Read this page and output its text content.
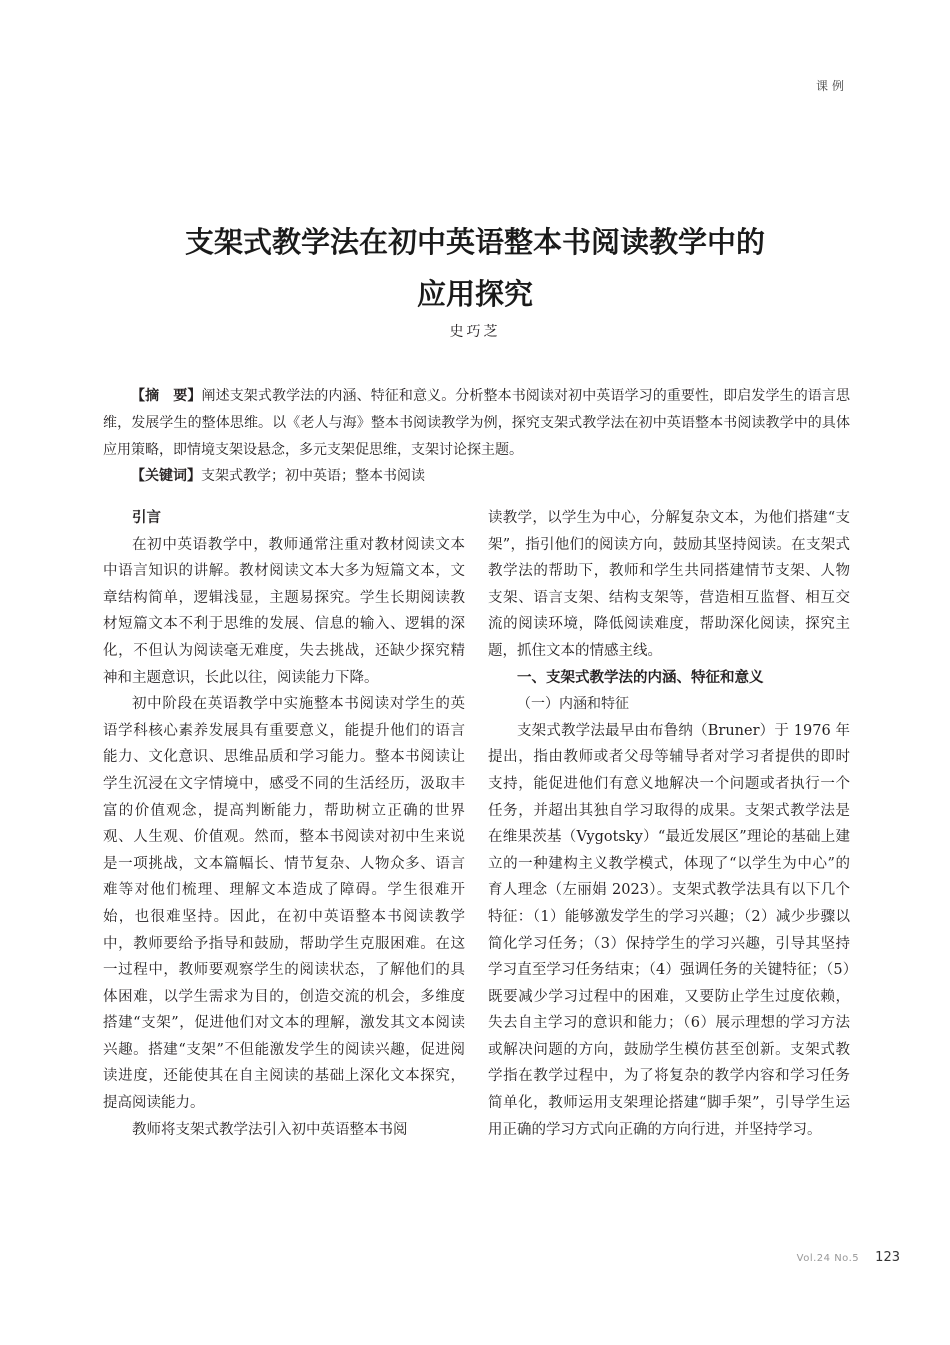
课例
支架式教学法在初中英语整本书阅读教学中的
应用探究
史巧芝

【摘　要】阐述支架式教学法的内涵、特征和意义。分析整本书阅读对初中英语学习的重要性，即启发学生的语言思维，发展学生的整体思维。以《老人与海》整本书阅读教学为例，探究支架式教学法在初中英语整本书阅读教学中的具体应用策略，即情境支架设悬念，多元支架促思维，支架讨论探主题。

【关键词】支架式教学；初中英语；整本书阅读
引言

在初中英语教学中，教师通常注重对教材阅读文本中语言知识的讲解。教材阅读文本大多为短篇文本，文章结构简单，逻辑浅显，主题易探究。学生长期阅读教材短篇文本不利于思维的发展、信息的输入、逻辑的深化，不但认为阅读毫无难度，失去挑战，还缺少探究精神和主题意识，长此以往，阅读能力下降。

初中阶段在英语教学中实施整本书阅读对学生的英语学科核心素养发展具有重要意义，能提升他们的语言能力、文化意识、思维品质和学习能力。整本书阅读让学生沉浸在文字情境中，感受不同的生活经历，汲取丰富的价值观念，提高判断能力，帮助树立正确的世界观、人生观、价值观。然而，整本书阅读对初中生来说是一项挑战，文本篇幅长、情节复杂、人物众多、语言难等对他们梳理、理解文本造成了障碍。学生很难开始，也很难坚持。因此，在初中英语整本书阅读教学中，教师要给予指导和鼓励，帮助学生克服困难。在这一过程中，教师要观察学生的阅读状态，了解他们的具体困难，以学生需求为目的，创造交流的机会，多维度搭建“支架”，促进他们对文本的理解，激发其文本阅读兴趣。搭建“支架”不但能激发学生的阅读兴趣，促进阅读进度，还能使其在自主阅读的基础上深化文本探究，提高阅读能力。

教师将支架式教学法引入初中英语整本书阅

读教学，以学生为中心，分解复杂文本，为他们搭建“支架”，指引他们的阅读方向，鼓励其坚持阅读。在支架式教学法的帮助下，教师和学生共同搭建情节支架、人物支架、语言支架、结构支架等，营造相互监督、相互交流的阅读环境，降低阅读难度，帮助深化阅读，探究主题，抓住文本的情感主线。

一、支架式教学法的内涵、特征和意义
（一）内涵和特征

支架式教学法最早由布鲁纳（Bruner）于 1976 年提出，指由教师或者父母等辅导者对学习者提供的即时支持，能促进他们有意义地解决一个问题或者执行一个任务，并超出其独自学习取得的成果。支架式教学法是在维果茨基（Vygotsky）“最近发展区”理论的基础上建立的一种建构主义教学模式，体现了“以学生为中心”的育人理念（左丽娟 2023）。支架式教学法具有以下几个特征：（1）能够激发学生的学习兴趣；（2）减少步骤以简化学习任务；（3）保持学生的学习兴趣，引导其坚持学习直至学习任务结束；（4）强调任务的关键特征；（5）既要减少学习过程中的困难，又要防止学生过度依赖，失去自主学习的意识和能力；（6）展示理想的学习方法或解决问题的方向，鼓励学生模仿甚至创新。支架式教学指在教学过程中，为了将复杂的教学内容和学习任务简单化，教师运用支架理论搭建“脚手架”，引导学生运用正确的学习方式向正确的方向行进，并坚持学习。

Vol.24 No.5 123
